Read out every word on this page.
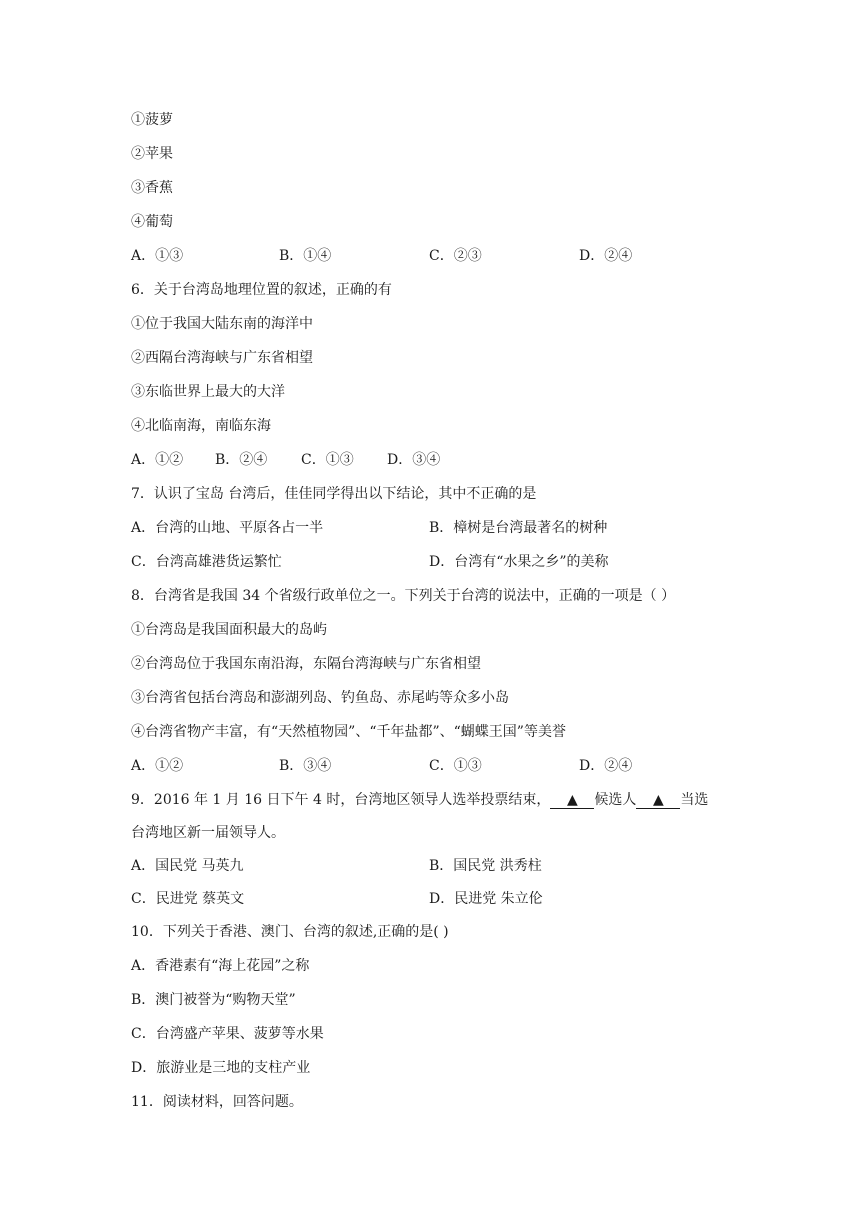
①菠萝
②苹果
③香蕉
④葡萄
A．①③	B．①④	C．②③	D．②④
6．关于台湾岛地理位置的叙述，正确的有
①位于我国大陆东南的海洋中
②西隔台湾海峡与广东省相望
③东临世界上最大的大洋
④北临南海，南临东海
A．①② B．②④ C．①③ D．③④
7．认识了宝岛 台湾后，佳佳同学得出以下结论，其中不正确的是
A．台湾的山地、平原各占一半	B．樟树是台湾最著名的树种
C．台湾高雄港货运繁忙	D．台湾有“水果之乡”的美称
8．台湾省是我国 34 个省级行政单位之一。下列关于台湾的说法中，正确的一项是（ ）
①台湾岛是我国面积最大的岛屿
②台湾岛位于我国东南沿海，东隔台湾海峡与广东省相望
③台湾省包括台湾岛和澎湖列岛、钓鱼岛、赤尾屿等众多小岛
④台湾省物产丰富，有“天然植物园”、“千年盐都”、“蝴蝶王国”等美誉
A．①②	B．③④	C．①③	D．②④
9．2016 年 1 月 16 日下午 4 时，台湾地区领导人选举投票结束， ▲ 候选人 ▲ 当选
台湾地区新一届领导人。
A．国民党 马英九	B．国民党 洪秀柱
C．民进党 蔡英文	D．民进党 朱立伦
10．下列关于香港、澳门、台湾的叙述,正确的是( )
A．香港素有“海上花园”之称
B．澳门被誉为“购物天堂”
C．台湾盛产苹果、菠萝等水果
D．旅游业是三地的支柱产业
11．阅读材料，回答问题。
